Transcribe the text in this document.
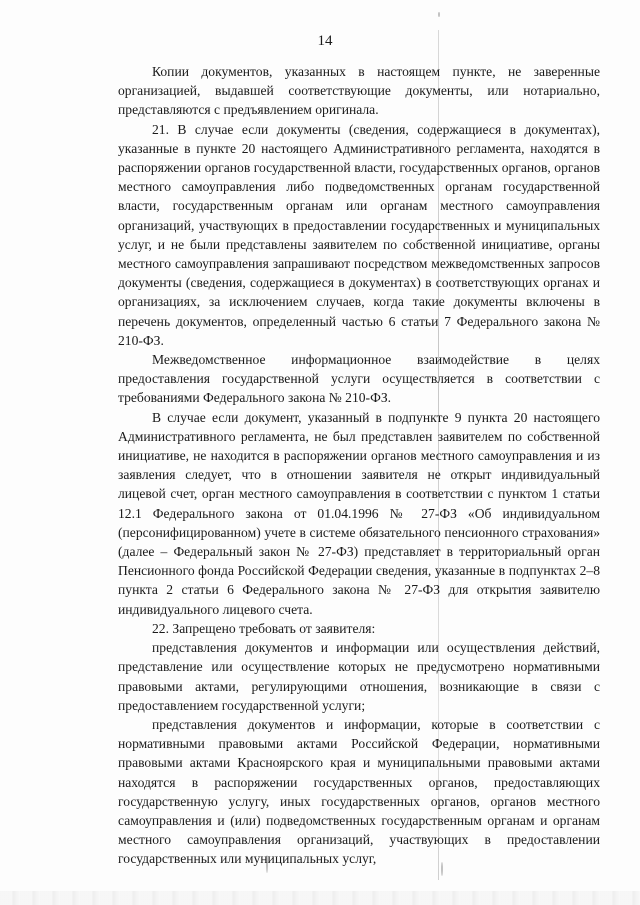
14

Копии документов, указанных в настоящем пункте, не заверенные организацией, выдавшей соответствующие документы, или нотариально, представляются с предъявлением оригинала.

21. В случае если документы (сведения, содержащиеся в документах), указанные в пункте 20 настоящего Административного регламента, находятся в распоряжении органов государственной власти, государственных органов, органов местного самоуправления либо подведомственных органам государственной власти, государственным органам или органам местного самоуправления организаций, участвующих в предоставлении государственных и муниципальных услуг, и не были представлены заявителем по собственной инициативе, органы местного самоуправления запрашивают посредством межведомственных запросов документы (сведения, содержащиеся в документах) в соответствующих органах и организациях, за исключением случаев, когда такие документы включены в перечень документов, определенный частью 6 статьи 7 Федерального закона № 210-ФЗ.

Межведомственное информационное взаимодействие в целях предоставления государственной услуги осуществляется в соответствии с требованиями Федерального закона № 210-ФЗ.

В случае если документ, указанный в подпункте 9 пункта 20 настоящего Административного регламента, не был представлен заявителем по собственной инициативе, не находится в распоряжении органов местного самоуправления и из заявления следует, что в отношении заявителя не открыт индивидуальный лицевой счет, орган местного самоуправления в соответствии с пунктом 1 статьи 12.1 Федерального закона от 01.04.1996 № 27-ФЗ «Об индивидуальном (персонифицированном) учете в системе обязательного пенсионного страхования» (далее – Федеральный закон № 27-ФЗ) представляет в территориальный орган Пенсионного фонда Российской Федерации сведения, указанные в подпунктах 2–8 пункта 2 статьи 6 Федерального закона № 27-ФЗ для открытия заявителю индивидуального лицевого счета.

22. Запрещено требовать от заявителя:

представления документов и информации или осуществления действий, представление или осуществление которых не предусмотрено нормативными правовыми актами, регулирующими отношения, возникающие в связи с предоставлением государственной услуги;

представления документов и информации, которые в соответствии с нормативными правовыми актами Российской Федерации, нормативными правовыми актами Красноярского края и муниципальными правовыми актами находятся в распоряжении государственных органов, предоставляющих государственную услугу, иных государственных органов, органов местного самоуправления и (или) подведомственных государственным органам и органам местного самоуправления организаций, участвующих в предоставлении государственных или муниципальных услуг,
